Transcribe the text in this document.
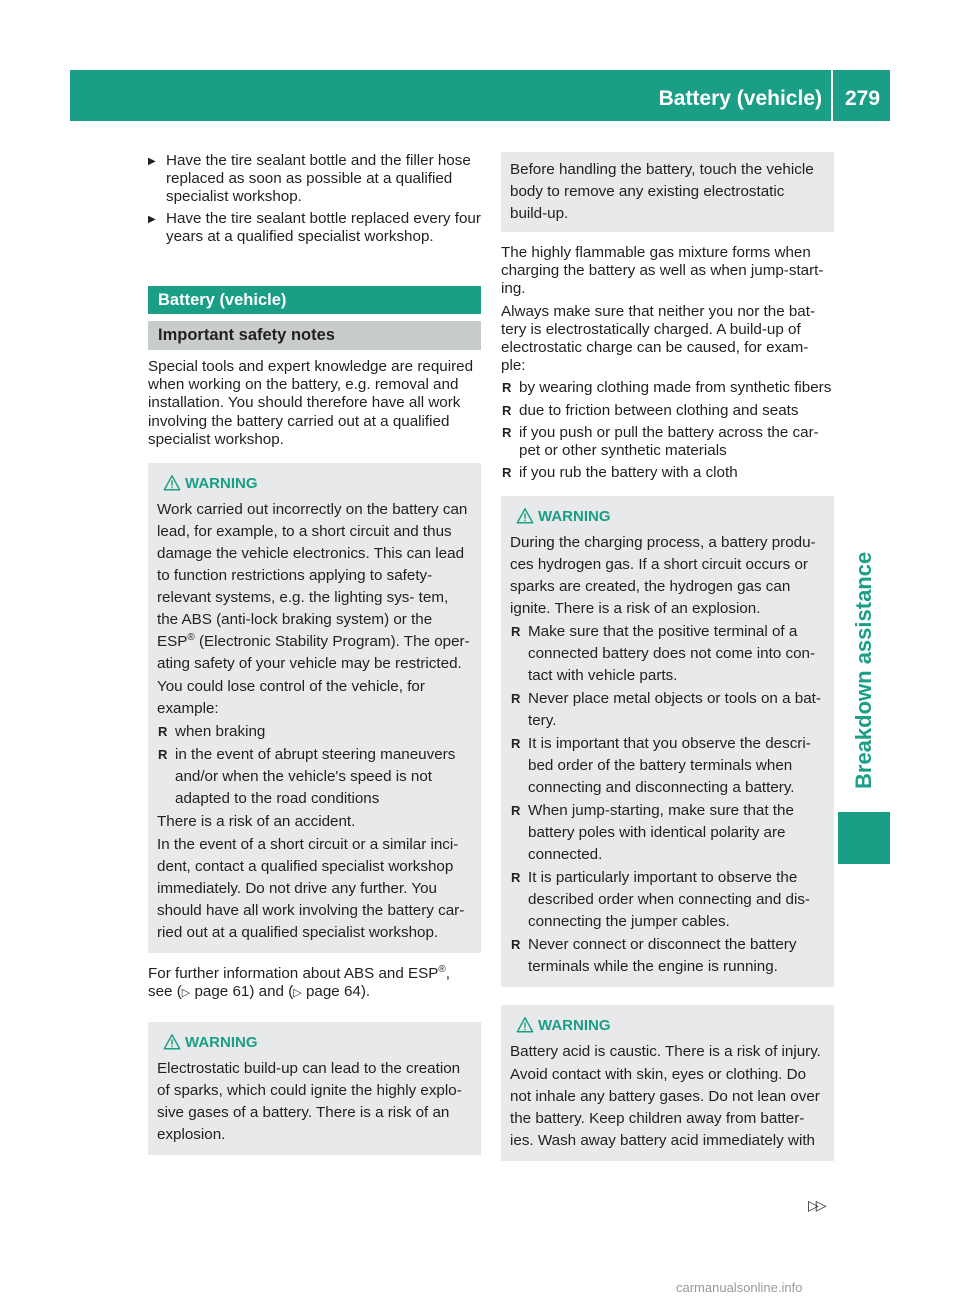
Battery (vehicle)	279
Breakdown assistance
▶ Have the tire sealant bottle and the filler hose replaced as soon as possible at a qualified specialist workshop.
▶ Have the tire sealant bottle replaced every four years at a qualified specialist workshop.
Battery (vehicle)
Important safety notes

Special tools and expert knowledge are required when working on the battery, e.g. removal and installation. You should therefore have all work involving the battery carried out at a qualified specialist workshop.

WARNING

Work carried out incorrectly on the battery can lead, for example, to a short circuit and thus damage the vehicle electronics. This can lead to function restrictions applying to safety-relevant systems, e.g. the lighting sys- tem, the ABS (anti-lock braking system) or the ESP® (Electronic Stability Program). The oper- ating safety of your vehicle may be restricted.

You could lose control of the vehicle, for example:

R when braking
R in the event of abrupt steering maneuvers and/or when the vehicle's speed is not adapted to the road conditions

There is a risk of an accident.

In the event of a short circuit or a similar inci- dent, contact a qualified specialist workshop immediately. Do not drive any further. You should have all work involving the battery car- ried out at a qualified specialist workshop.

For further information about ABS and ESP®,
see (▷ page 61) and (▷ page 64).

WARNING

Electrostatic build-up can lead to the creation of sparks, which could ignite the highly explo- sive gases of a battery. There is a risk of an explosion.

Before handling the battery, touch the vehicle body to remove any existing electrostatic build-up.

The highly flammable gas mixture forms when charging the battery as well as when jump-start- ing.

Always make sure that neither you nor the bat- tery is electrostatically charged. A build-up of electrostatic charge can be caused, for exam- ple:

R by wearing clothing made from synthetic fibers
R due to friction between clothing and seats
R if you push or pull the battery across the car- pet or other synthetic materials
R if you rub the battery with a cloth
WARNING

During the charging process, a battery produ- ces hydrogen gas. If a short circuit occurs or sparks are created, the hydrogen gas can ignite. There is a risk of an explosion.

R Make sure that the positive terminal of a connected battery does not come into con- tact with vehicle parts.
R Never place metal objects or tools on a bat- tery.
R It is important that you observe the descri- bed order of the battery terminals when connecting and disconnecting a battery.
R When jump-starting, make sure that the battery poles with identical polarity are connected.
R It is particularly important to observe the described order when connecting and dis- connecting the jumper cables.
R Never connect or disconnect the battery terminals while the engine is running.
WARNING

Battery acid is caustic. There is a risk of injury.

Avoid contact with skin, eyes or clothing. Do not inhale any battery gases. Do not lean over the battery. Keep children away from batter- ies. Wash away battery acid immediately with

▷▷
carmanualsonline.info
